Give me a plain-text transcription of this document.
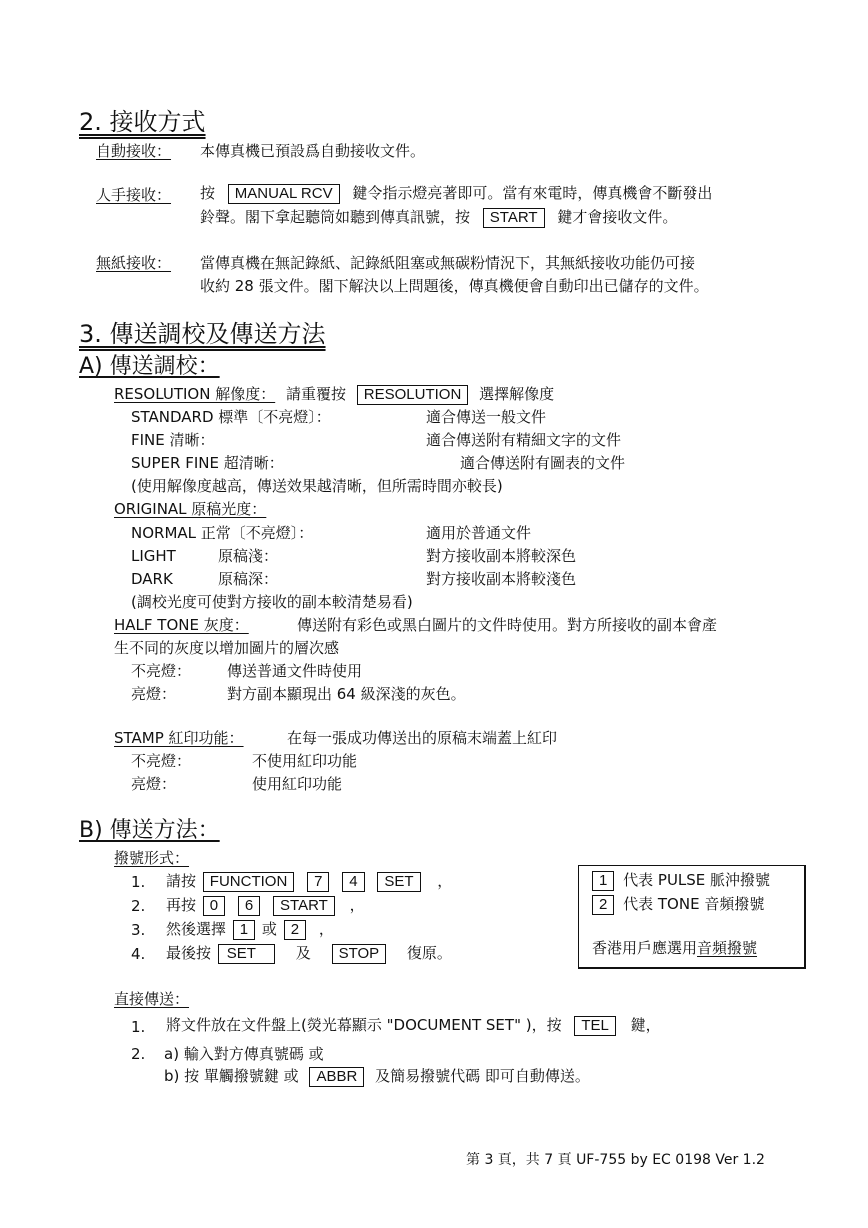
2. 接收方式
自動接收： 本傳真機已預設爲自動接收文件。
人手接收： 按 MANUAL RCV 鍵令指示燈亮著即可。當有來電時，傳真機會不斷發出
鈴聲。閣下拿起聽筒如聽到傳真訊號，按 START 鍵才會接收文件。
無紙接收： 當傳真機在無記錄紙、記錄紙阻塞或無碳粉情況下，其無紙接收功能仍可接
收約 28 張文件。閣下解決以上問題後，傳真機便會自動印出已儲存的文件。
3. 傳送調校及傳送方法
A) 傳送調校：
RESOLUTION 解像度： 請重覆按 RESOLUTION 選擇解像度
STANDARD 標準〔不亮燈〕：	適合傳送一般文件
FINE 清晰：	適合傳送附有精細文字的文件
SUPER FINE 超清晰：	適合傳送附有圖表的文件
(使用解像度越高，傳送效果越清晰，但所需時間亦較長)
ORIGINAL 原稿光度：
NORMAL 正常〔不亮燈〕：	適用於普通文件
LIGHT	原稿淺：	對方接收副本將較深色
DARK	原稿深：	對方接收副本將較淺色
(調校光度可使對方接收的副本較清楚易看)
HALF TONE 灰度：	傳送附有彩色或黑白圖片的文件時使用。對方所接收的副本會產
生不同的灰度以增加圖片的層次感
不亮燈： 傳送普通文件時使用
亮燈：	對方副本顯現出 64 級深淺的灰色。
STAMP 紅印功能：	在每一張成功傳送出的原稿末端蓋上紅印
不亮燈：	不使用紅印功能
亮燈：	使用紅印功能
B) 傳送方法：
撥號形式：
1. 請按 FUNCTION 7 4 SET ，
2. 再按 0 6 START ，
3. 然後選擇 1 或 2 ，
4. 最後按 SET	及 STOP 復原。
1 代表 PULSE 脈沖撥號
2 代表 TONE 音頻撥號
香港用戶應選用音頻撥號
直接傳送：
1. 將文件放在文件盤上(熒光幕顯示 "DOCUMENT SET" )，按 TEL 鍵，
2. a) 輸入對方傳真號碼 或
b) 按 單觸撥號鍵 或 ABBR 及簡易撥號代碼 即可自動傳送。
第 3 頁，共 7 頁 UF-755 by EC 0198 Ver 1.2
